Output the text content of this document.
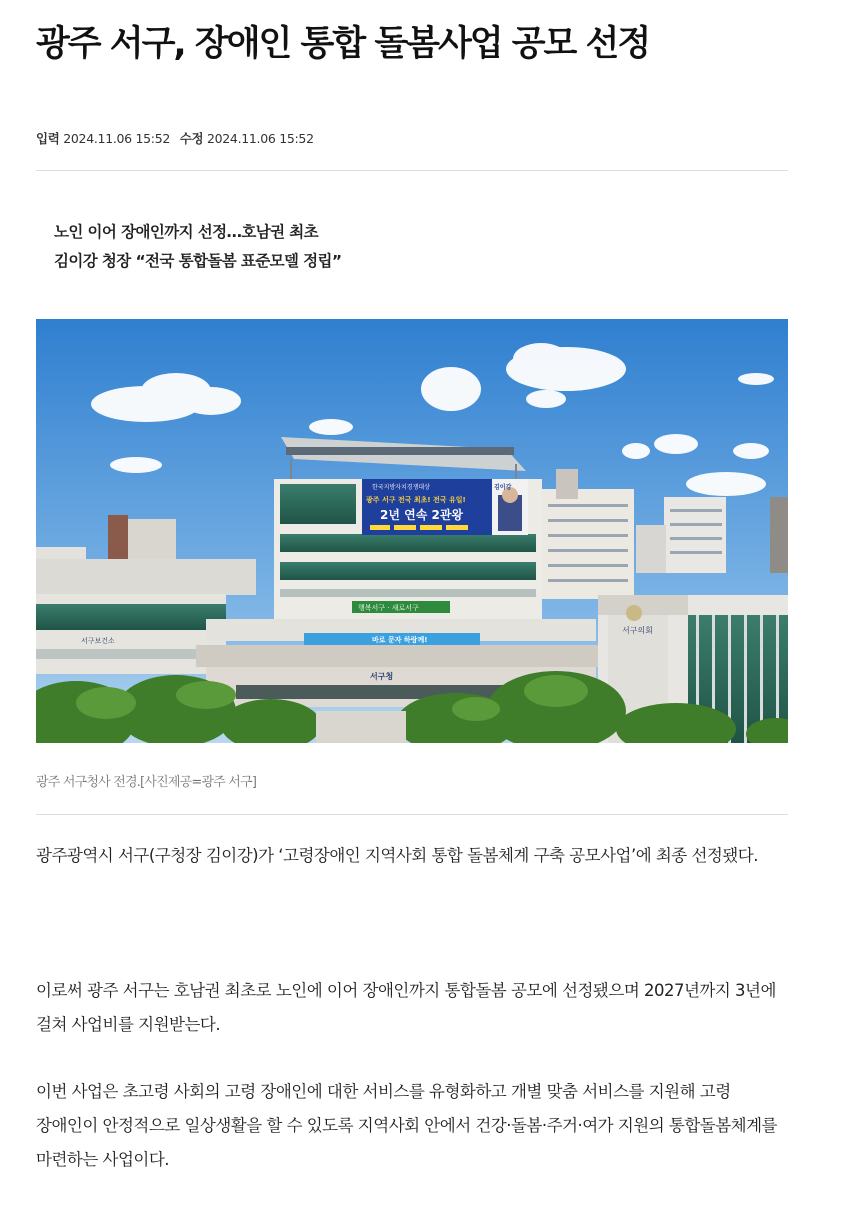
광주 서구, 장애인 통합 돌봄사업 공모 선정
입력 2024.11.06 15:52 수정 2024.11.06 15:52
노인 이어 장애인까지 선정…호남권 최초
김이강 청장 “전국 통합돌봄 표준모델 정립”
서구보건소
한국지방자치경쟁대상
광주 서구 전국 최초! 전국 유일!
2년 연속 2관왕
김이강
행복서구 · 새로서구
바로 문자 하랑께!
서구청
서구의회
광주 서구청사 전경.[사진제공=광주 서구]

광주광역시 서구(구청장 김이강)가 ‘고령장애인 지역사회 통합 돌봄체계 구축 공모사업’에 최종 선정됐다.

이로써 광주 서구는 호남권 최초로 노인에 이어 장애인까지 통합돌봄 공모에 선정됐으며 2027년까지 3년에 걸쳐 사업비를 지원받는다.

이번 사업은 초고령 사회의 고령 장애인에 대한 서비스를 유형화하고 개별 맞춤 서비스를 지원해 고령 장애인이 안정적으로 일상생활을 할 수 있도록 지역사회 안에서 건강·돌봄·주거·여가 지원의 통합돌봄체계를 마련하는 사업이다.
